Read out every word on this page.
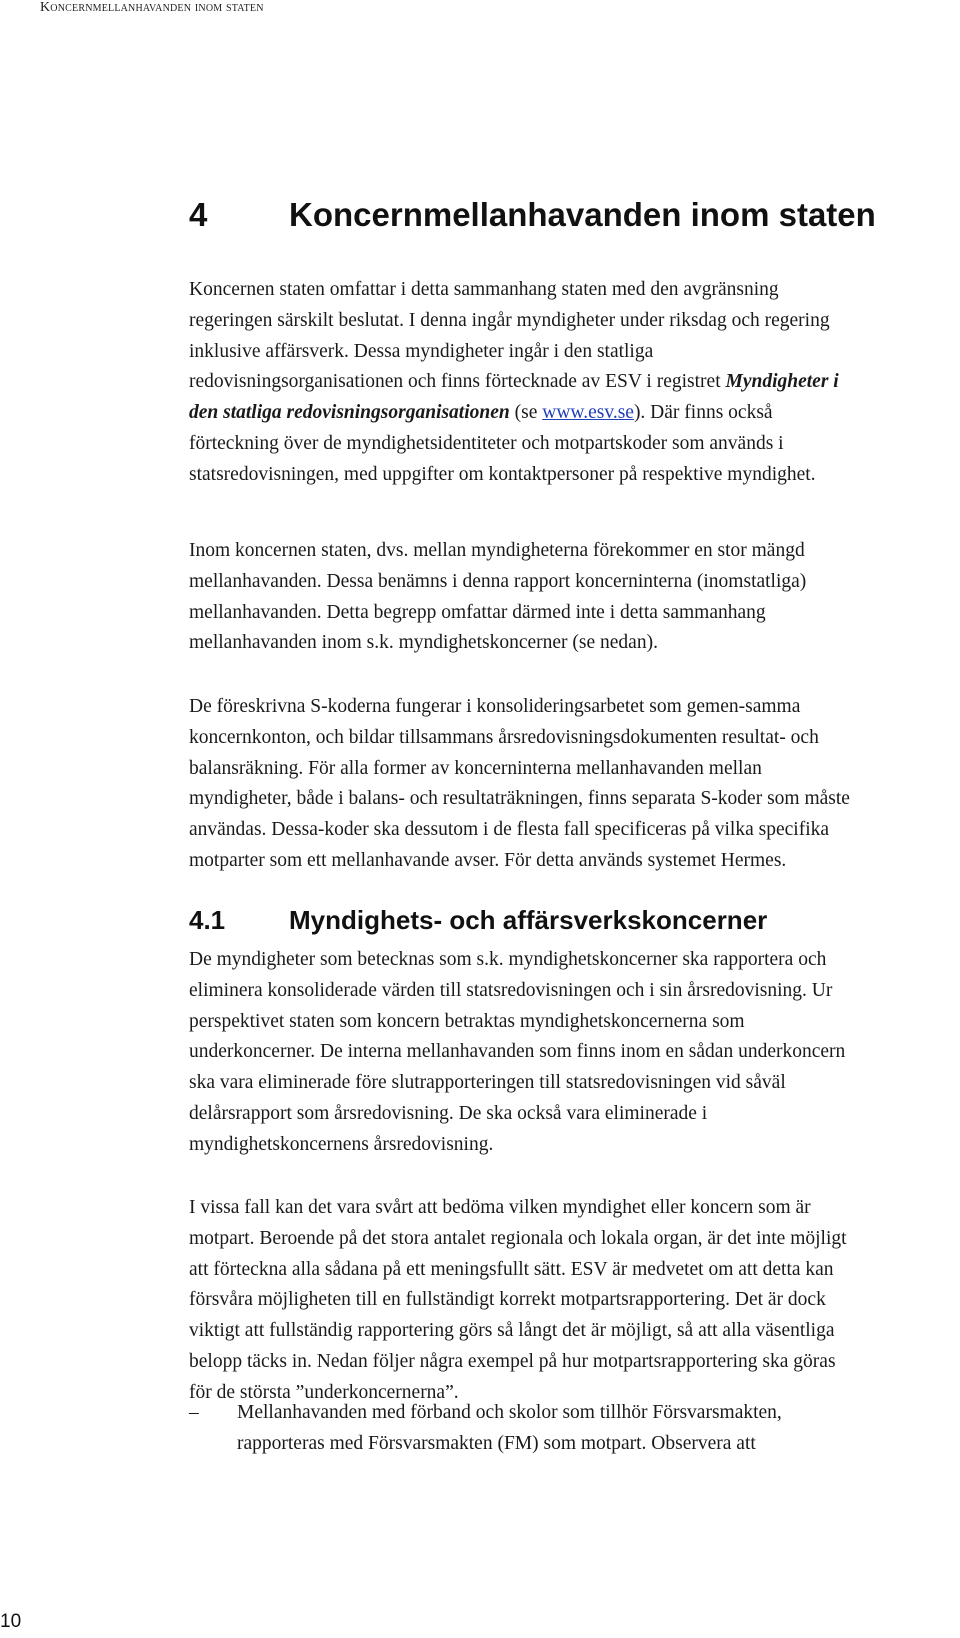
Koncernmellanhavanden inom staten
4 Koncernmellanhavanden inom staten

Koncernen staten omfattar i detta sammanhang staten med den avgränsning
regeringen särskilt beslutat. I denna ingår myndigheter under riksdag och regering
inklusive affärsverk. Dessa myndigheter ingår i den statliga
redovisningsorganisationen och finns förtecknade av ESV i registret Myndigheter i
den statliga redovisningsorganisationen (se www.esv.se). Där finns också
förteckning över de myndighetsidentiteter och motpartskoder som används i
statsredovisningen, med uppgifter om kontaktpersoner på respektive myndighet.

Inom koncernen staten, dvs. mellan myndigheterna förekommer en stor mängd
mellanhavanden. Dessa benämns i denna rapport koncerninterna (inomstatliga)
mellanhavanden. Detta begrepp omfattar därmed inte i detta sammanhang
mellanhavanden inom s.k. myndighetskoncerner (se nedan).

De föreskrivna S-koderna fungerar i konsolideringsarbetet som gemen-samma
koncernkonton, och bildar tillsammans årsredovisningsdokumenten resultat- och
balansräkning. För alla former av koncerninterna mellanhavanden mellan
myndigheter, både i balans- och resultaträkningen, finns separata S-koder som måste
användas. Dessa-koder ska dessutom i de flesta fall specificeras på vilka specifika
motparter som ett mellanhavande avser. För detta används systemet Hermes.

4.1 Myndighets- och affärsverkskoncerner

De myndigheter som betecknas som s.k. myndighetskoncerner ska rapportera och
eliminera konsoliderade värden till statsredovisningen och i sin årsredovisning. Ur
perspektivet staten som koncern betraktas myndighetskoncernerna som
underkoncerner. De interna mellanhavanden som finns inom en sådan underkoncern
ska vara eliminerade före slutrapporteringen till statsredovisningen vid såväl
delårsrapport som årsredovisning. De ska också vara eliminerade i
myndighetskoncernens årsredovisning.

I vissa fall kan det vara svårt att bedöma vilken myndighet eller koncern som är
motpart. Beroende på det stora antalet regionala och lokala organ, är det inte möjligt
att förteckna alla sådana på ett meningsfullt sätt. ESV är medvetet om att detta kan
försvåra möjligheten till en fullständigt korrekt motpartsrapportering. Det är dock
viktigt att fullständig rapportering görs så långt det är möjligt, så att alla väsentliga
belopp täcks in. Nedan följer några exempel på hur motpartsrapportering ska göras
för de största ”underkoncernerna”.

–	Mellanhavanden med förband och skolor som tillhör Försvarsmakten,
rapporteras med Försvarsmakten (FM) som motpart. Observera att
10
